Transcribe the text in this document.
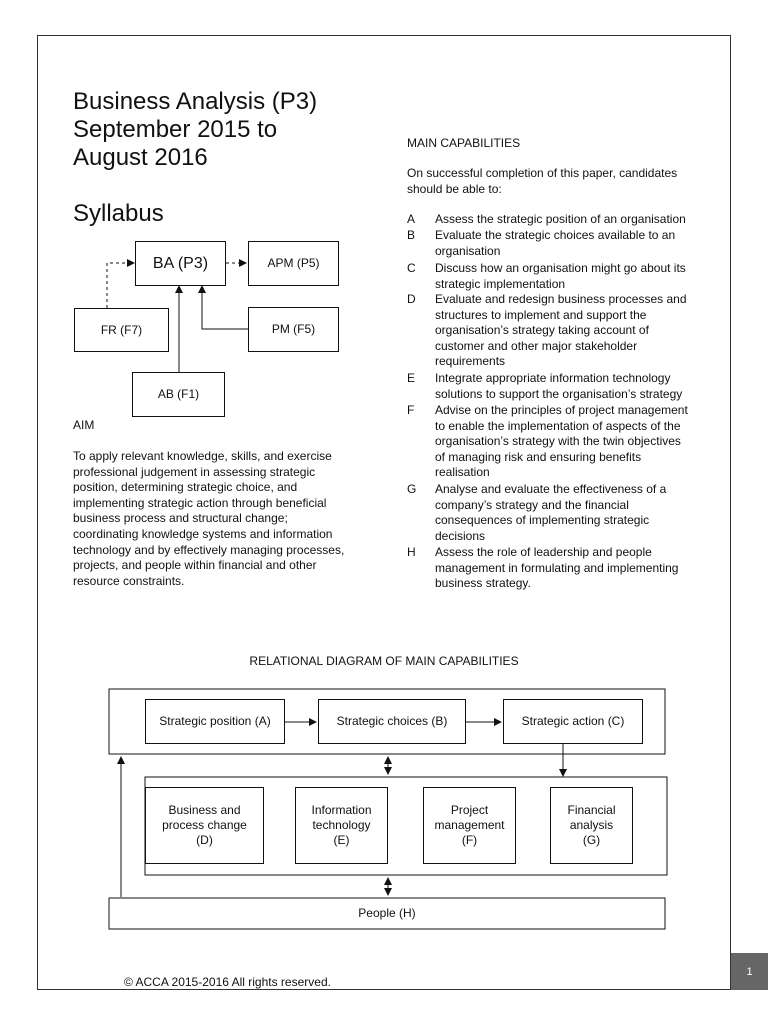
Business Analysis (P3)
September 2015 to
August 2016
Syllabus
BA (P3)	APM (P5)
FR (F7)	PM (F5)
AB (F1)
AIM
To apply relevant knowledge, skills, and exercise
professional judgement in assessing strategic
position, determining strategic choice, and
implementing strategic action through beneficial
business process and structural change;
coordinating knowledge systems and information
technology and by effectively managing processes,
projects, and people within financial and other
resource constraints.
MAIN CAPABILITIES
On successful completion of this paper, candidates
should be able to:
A Assess the strategic position of an organisation
B Evaluate the strategic choices available to an
organisation
C Discuss how an organisation might go about its
strategic implementation
D Evaluate and redesign business processes and
structures to implement and support the
organisation’s strategy taking account of
customer and other major stakeholder
requirements
E Integrate appropriate information technology
solutions to support the organisation’s strategy
F Advise on the principles of project management
to enable the implementation of aspects of the
organisation’s strategy with the twin objectives
of managing risk and ensuring benefits
realisation
G Analyse and evaluate the effectiveness of a
company’s strategy and the financial
consequences of implementing strategic
decisions
H Assess the role of leadership and people
management in formulating and implementing
business strategy.
RELATIONAL DIAGRAM OF MAIN CAPABILITIES
Strategic position
(A)	Strategic choices
(B)	Strategic action
(C)
Business and
process change
(D)
Information
technology
(E)
Project
management
(F)
Financial
analysis
(G)
People
(H)
© ACCA 2015-2016 All rights reserved.
1
